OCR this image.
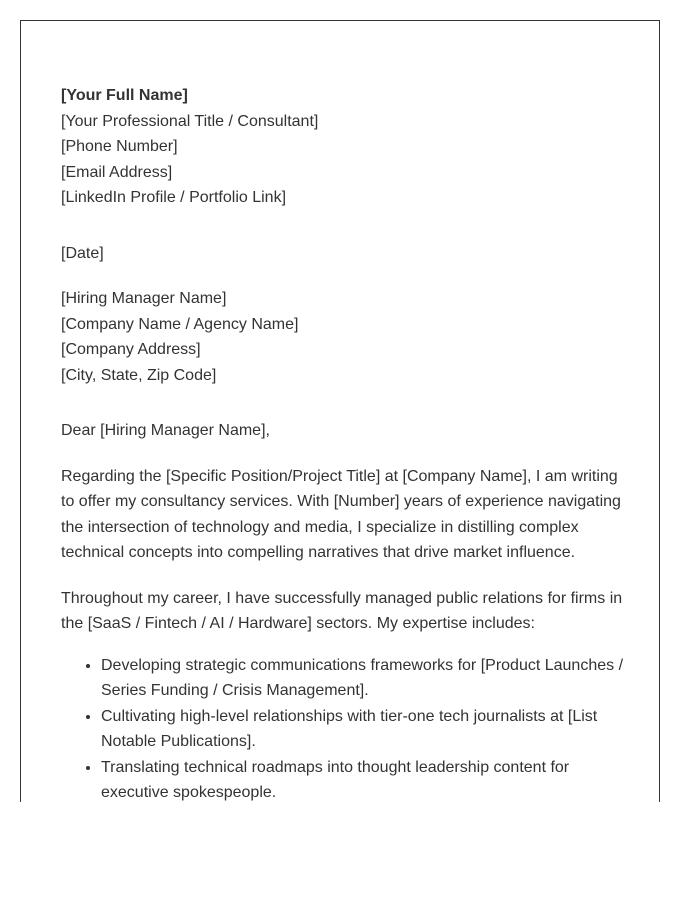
[Your Full Name]
[Your Professional Title / Consultant]
[Phone Number]
[Email Address]
[LinkedIn Profile / Portfolio Link]
[Date]
[Hiring Manager Name]
[Company Name / Agency Name]
[Company Address]
[City, State, Zip Code]
Dear [Hiring Manager Name],

Regarding the [Specific Position/Project Title] at [Company Name], I am writing to offer my consultancy services. With [Number] years of experience navigating the intersection of technology and media, I specialize in distilling complex technical concepts into compelling narratives that drive market influence.

Throughout my career, I have successfully managed public relations for firms in the [SaaS / Fintech / AI / Hardware] sectors. My expertise includes:

• Developing strategic communications frameworks for [Product Launches / Series Funding / Crisis Management].
• Cultivating high-level relationships with tier-one tech journalists at [List Notable Publications].
• Translating technical roadmaps into thought leadership content for executive spokespeople.
